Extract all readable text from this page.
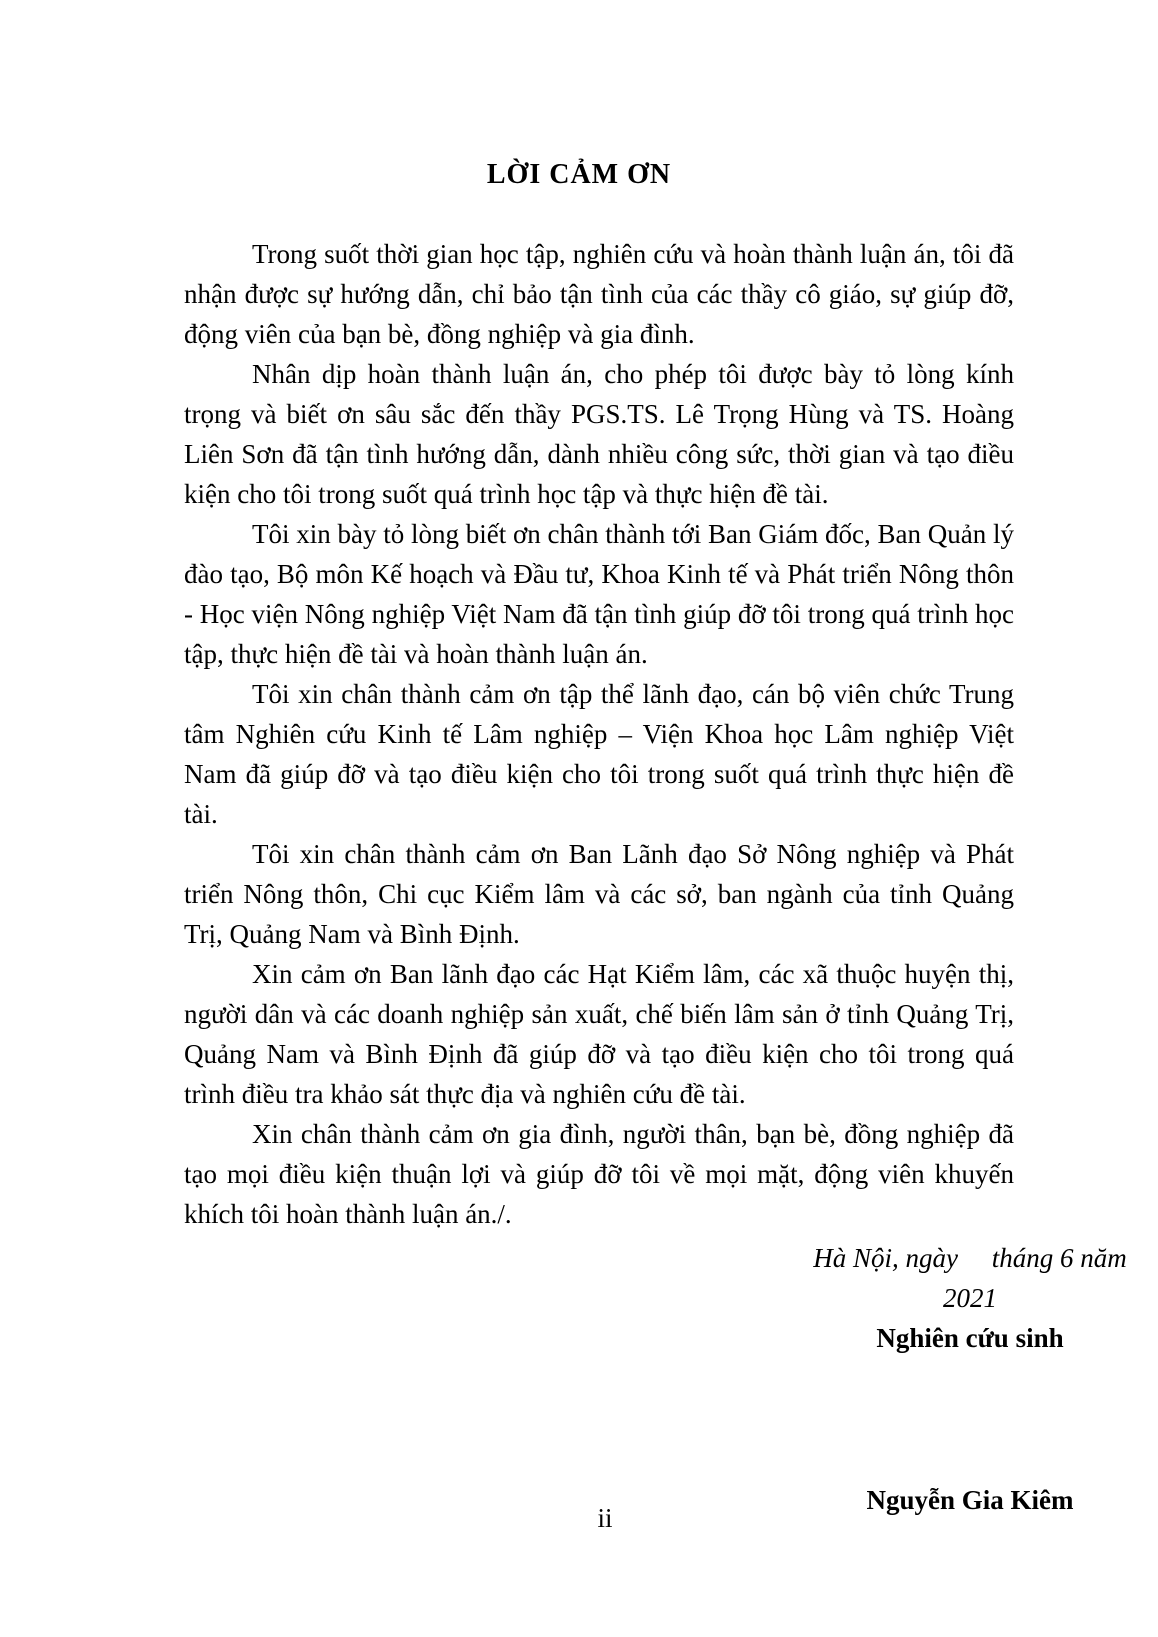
LỜI CẢM ƠN

Trong suốt thời gian học tập, nghiên cứu và hoàn thành luận án, tôi đã nhận được sự hướng dẫn, chỉ bảo tận tình của các thầy cô giáo, sự giúp đỡ, động viên của bạn bè, đồng nghiệp và gia đình.

Nhân dịp hoàn thành luận án, cho phép tôi được bày tỏ lòng kính trọng và biết ơn sâu sắc đến thầy PGS.TS. Lê Trọng Hùng và TS. Hoàng Liên Sơn đã tận tình hướng dẫn, dành nhiều công sức, thời gian và tạo điều kiện cho tôi trong suốt quá trình học tập và thực hiện đề tài.

Tôi xin bày tỏ lòng biết ơn chân thành tới Ban Giám đốc, Ban Quản lý đào tạo, Bộ môn Kế hoạch và Đầu tư, Khoa Kinh tế và Phát triển Nông thôn - Học viện Nông nghiệp Việt Nam đã tận tình giúp đỡ tôi trong quá trình học tập, thực hiện đề tài và hoàn thành luận án.

Tôi xin chân thành cảm ơn tập thể lãnh đạo, cán bộ viên chức Trung tâm Nghiên cứu Kinh tế Lâm nghiệp – Viện Khoa học Lâm nghiệp Việt Nam đã giúp đỡ và tạo điều kiện cho tôi trong suốt quá trình thực hiện đề tài.

Tôi xin chân thành cảm ơn Ban Lãnh đạo Sở Nông nghiệp và Phát triển Nông thôn, Chi cục Kiểm lâm và các sở, ban ngành của tỉnh Quảng Trị, Quảng Nam và Bình Định.

Xin cảm ơn Ban lãnh đạo các Hạt Kiểm lâm, các xã thuộc huyện thị, người dân và các doanh nghiệp sản xuất, chế biến lâm sản ở tỉnh Quảng Trị, Quảng Nam và Bình Định đã giúp đỡ và tạo điều kiện cho tôi trong quá trình điều tra khảo sát thực địa và nghiên cứu đề tài.

Xin chân thành cảm ơn gia đình, người thân, bạn bè, đồng nghiệp đã tạo mọi điều kiện thuận lợi và giúp đỡ tôi về mọi mặt, động viên khuyến khích tôi hoàn thành luận án./.

Hà Nội, ngày     tháng 6 năm 2021

Nghiên cứu sinh

Nguyễn Gia Kiêm

ii
